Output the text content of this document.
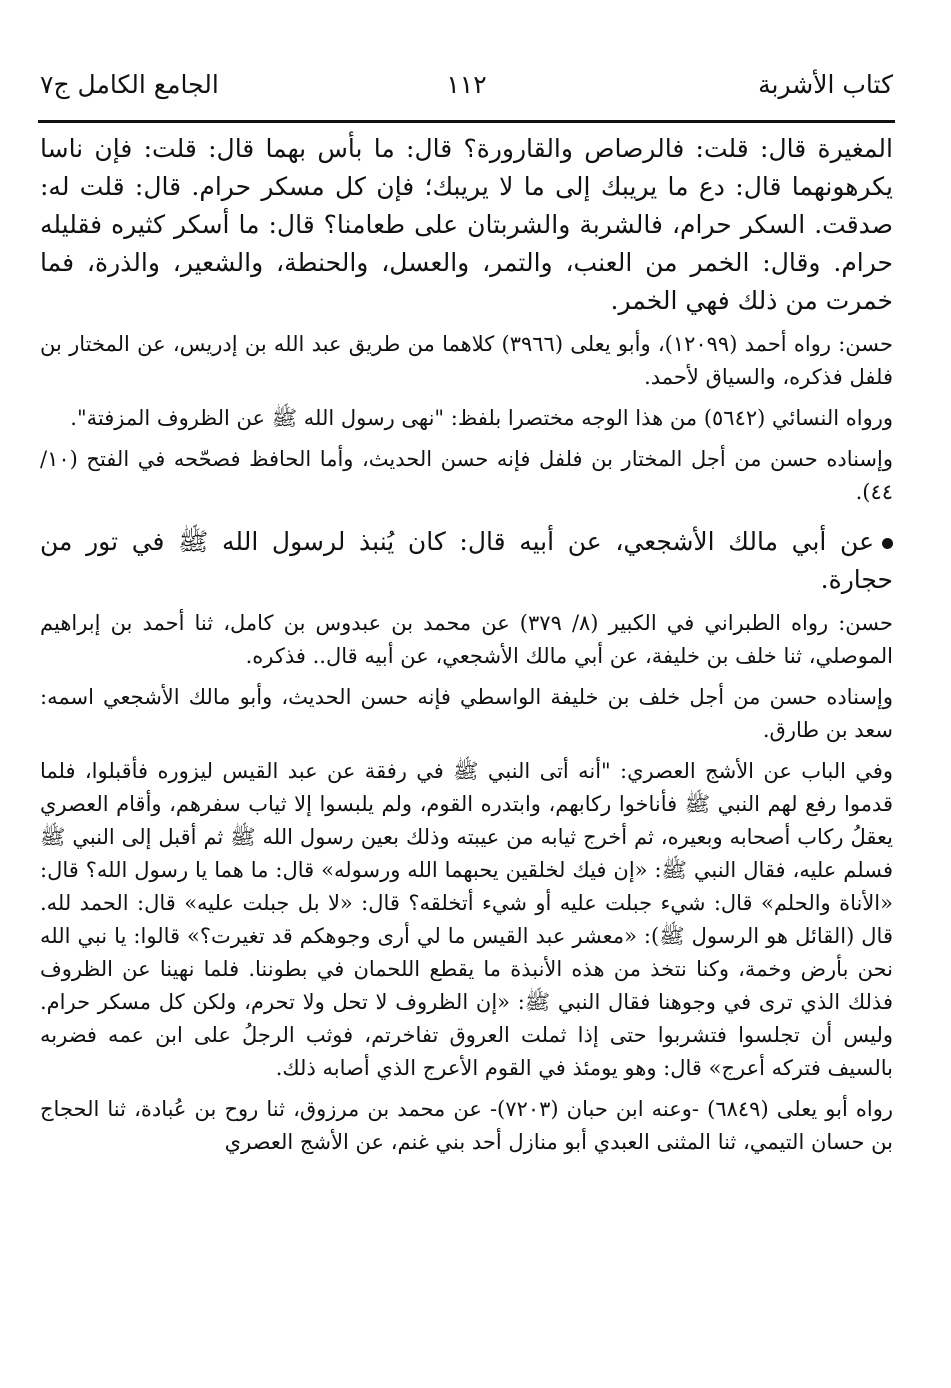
كتاب الأشربة
١١٢
الجامع الكامل ج٧

المغيرة قال: قلت: فالرصاص والقارورة؟ قال: ما بأس بهما قال: قلت: فإن ناسا يكرهونهما قال: دع ما يريبك إلى ما لا يريبك؛ فإن كل مسكر حرام. قال: قلت له: صدقت. السكر حرام، فالشربة والشربتان على طعامنا؟ قال: ما أسكر كثيره فقليله حرام. وقال: الخمر من العنب، والتمر، والعسل، والحنطة، والشعير، والذرة، فما خمرت من ذلك فهي الخمر.

حسن: رواه أحمد (١٢٠٩٩)، وأبو يعلى (٣٩٦٦) كلاهما من طريق عبد الله بن إدريس، عن المختار بن فلفل فذكره، والسياق لأحمد.

ورواه النسائي (٥٦٤٢) من هذا الوجه مختصرا بلفظ: "نهى رسول الله ﷺ عن الظروف المزفتة".

وإسناده حسن من أجل المختار بن فلفل فإنه حسن الحديث، وأما الحافظ فصحّحه في الفتح (١٠/ ٤٤).

عن أبي مالك الأشجعي، عن أبيه قال: كان يُنبذ لرسول الله ﷺ في تور من حجارة.

حسن: رواه الطبراني في الكبير (٨/ ٣٧٩) عن محمد بن عبدوس بن كامل، ثنا أحمد بن إبراهيم الموصلي، ثنا خلف بن خليفة، عن أبي مالك الأشجعي، عن أبيه قال.. فذكره.

وإسناده حسن من أجل خلف بن خليفة الواسطي فإنه حسن الحديث، وأبو مالك الأشجعي اسمه: سعد بن طارق.

وفي الباب عن الأشج العصري: "أنه أتى النبي ﷺ في رفقة عن عبد القيس ليزوره فأقبلوا، فلما قدموا رفع لهم النبي ﷺ فأناخوا ركابهم، وابتدره القوم، ولم يلبسوا إلا ثياب سفرهم، وأقام العصري يعقلُ ركاب أصحابه وبعيره، ثم أخرج ثيابه من عيبته وذلك بعين رسول الله ﷺ ثم أقبل إلى النبي ﷺ فسلم عليه، فقال النبي ﷺ: «إن فيك لخلقين يحبهما الله ورسوله» قال: ما هما يا رسول الله؟ قال: «الأناة والحلم» قال: شيء جبلت عليه أو شيء أتخلقه؟ قال: «لا بل جبلت عليه» قال: الحمد لله. قال (القائل هو الرسول ﷺ): «معشر عبد القيس ما لي أرى وجوهكم قد تغيرت؟» قالوا: يا نبي الله نحن بأرض وخمة، وكنا نتخذ من هذه الأنبذة ما يقطع اللحمان في بطوننا. فلما نهينا عن الظروف فذلك الذي ترى في وجوهنا فقال النبي ﷺ: «إن الظروف لا تحل ولا تحرم، ولكن كل مسكر حرام. وليس أن تجلسوا فتشربوا حتى إذا ثملت العروق تفاخرتم، فوثب الرجلُ على ابن عمه فضربه بالسيف فتركه أعرج» قال: وهو يومئذ في القوم الأعرج الذي أصابه ذلك.

رواه أبو يعلى (٦٨٤٩) -وعنه ابن حبان (٧٢٠٣)- عن محمد بن مرزوق، ثنا روح بن عُبادة، ثنا الحجاج بن حسان التيمي، ثنا المثنى العبدي أبو منازل أحد بني غنم، عن الأشج العصري
